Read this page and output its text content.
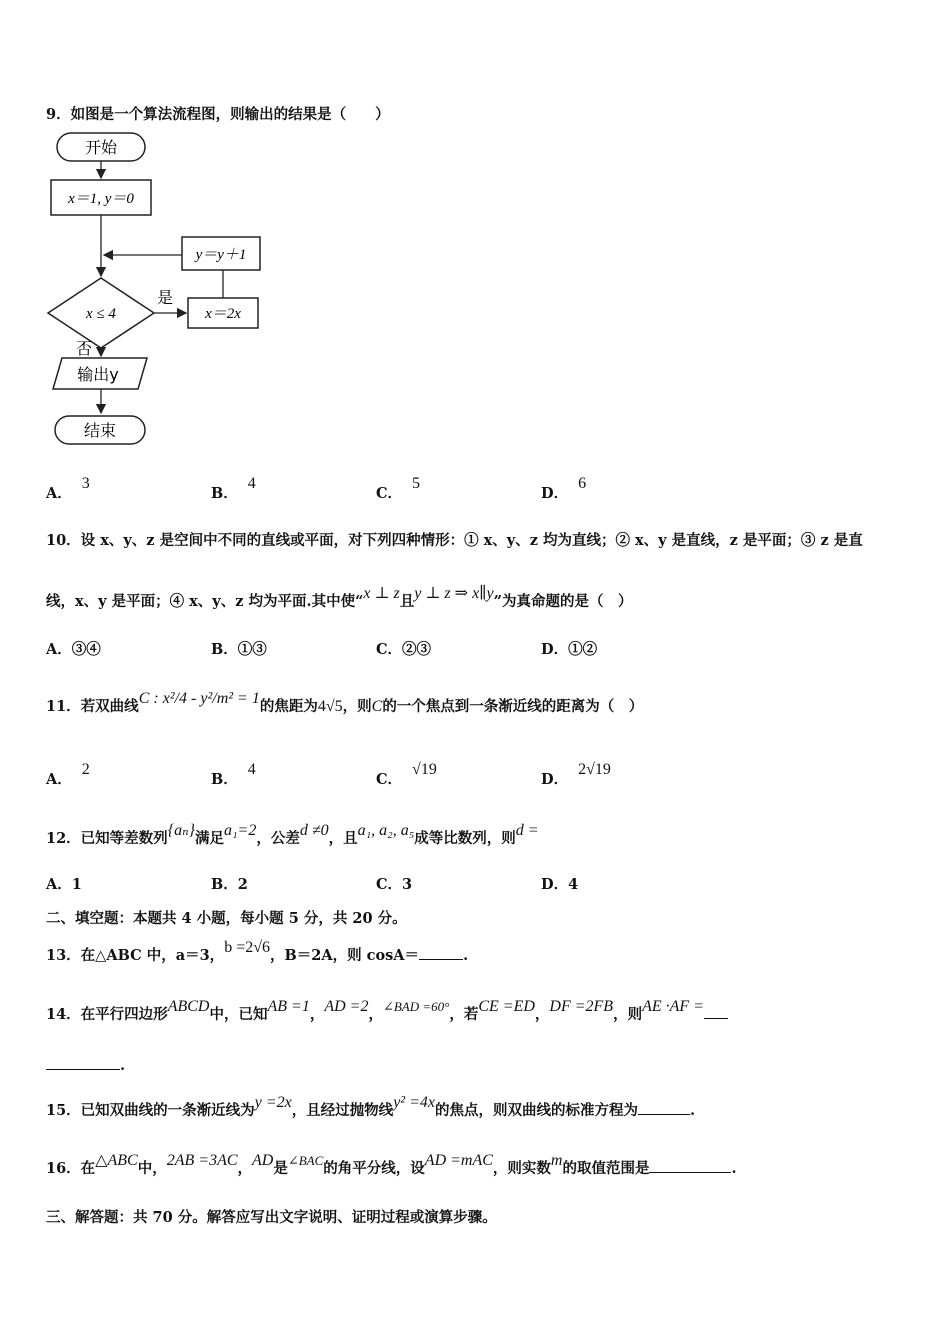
9．如图是一个算法流程图，则输出的结果是（　　）
开始
x＝1, y＝0
y＝y＋1
x ≤ 4
是
x＝2x
否
输出y
结束
A．3
B．4
C．5
D．6
10．设 x、y、z 是空间中不同的直线或平面，对下列四种情形：① x、y、z 均为直线；② x、y 是直线，z 是平面；③ z 是直
线，x、y 是平面；④ x、y、z 均为平面.其中使“x ⊥ z且y ⊥ z ⇒ x∥y”为真命题的是（　）
A．③④	B．①③	C．②③	D．①②
11．若双曲线C : x²/4 - y²/m² = 1的焦距为4√5，则C的一个焦点到一条渐近线的距离为（　）
A．2
B．4
C．√19
D．2√19
12．已知等差数列{aₙ}满足a₁=2，公差d ≠0，且a₁, a₂, a₅成等比数列，则d =
A．1	B．2	C．3	D．4
二、填空题：本题共 4 小题，每小题 5 分，共 20 分。
13．在△ABC 中，a＝3，b =2√6，B＝2A，则 cosA＝	.
14．在平行四边形ABCD中，已知AB =1，AD =2，∠BAD =60°，若CE =ED，DF =2FB，则AE ·AF =
.
15．已知双曲线的一条渐近线为y =2x，且经过抛物线y² =4x的焦点，则双曲线的标准方程为	.
16．在△ABC中，2AB =3AC，AD是∠BAC的角平分线，设AD =mAC，则实数m的取值范围是	.
三、解答题：共 70 分。解答应写出文字说明、证明过程或演算步骤。
